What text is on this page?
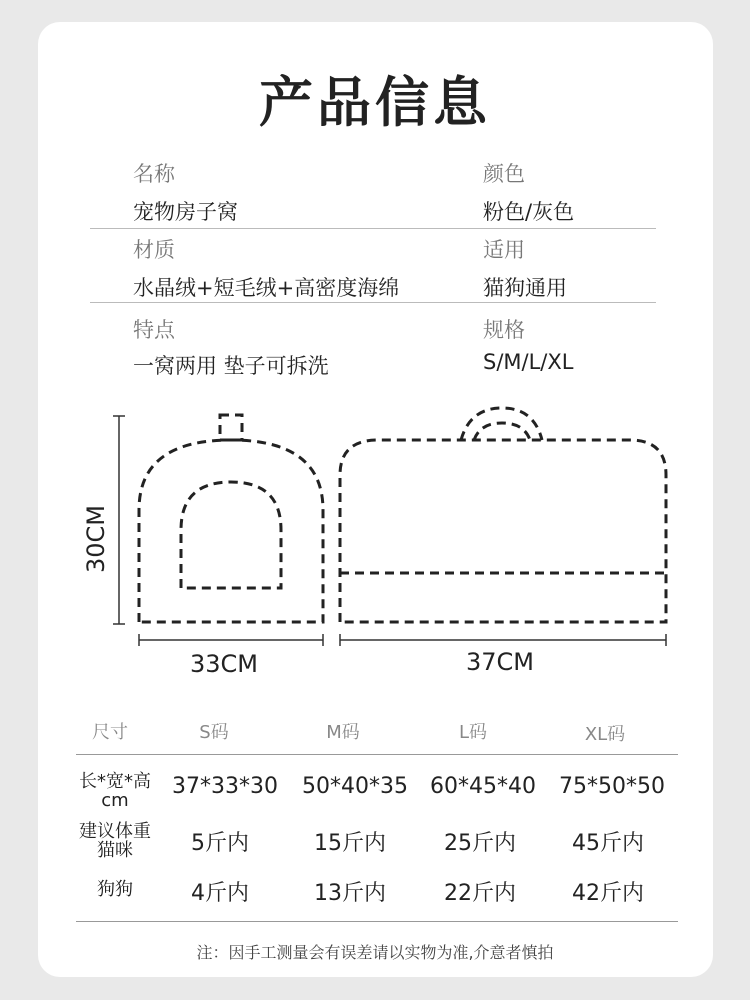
产品信息
名称
宠物房子窝
颜色
粉色/灰色
材质
水晶绒+短毛绒+高密度海绵
适用
猫狗通用
特点
一窝两用 垫子可拆洗
规格
S/M/L/XL
30CM
33CM	37CM
尺寸	S码	M码	L码	XL码
长*宽*高
cm
37*33*30	50*40*35	60*45*40	75*50*50
建议体重
猫咪	5斤内	15斤内	25斤内	45斤内
狗狗	4斤内	13斤内	22斤内	42斤内
注：因手工测量会有误差请以实物为准,介意者慎拍
